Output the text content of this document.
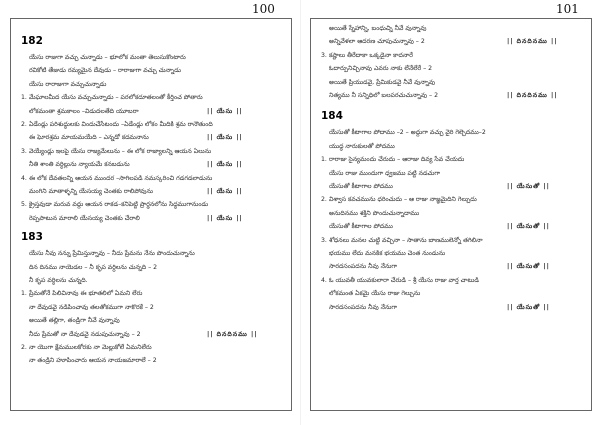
100
182
యేసు రాజుగా వచ్చు చున్నాడు – భూలోక మంతా తెలుసుకొంటారు
రవికోటి తేజుడు రమ్యమైన దేవుడు – రారాజుగా వచ్చు చున్నాడు
యేసు రారాజుగా వచ్చుచున్నాడు
1. మేఘాలమీద యేసు వచ్చుచున్నాడు – పరలోకదూతలంతో కీర్తించ పోతారు
లోకమంతా శ్రమకాలం –విడుదలతేది యూబరా	|| యేసు ||
2. ఏడేండ్లు పరిశుద్ధులకు విందుచేసేటందు –ఏడేండ్లు లోకం మీదికి శ్రమ రానౌతుంది
ఈ ఘోరశ్రమ మాయమయేది – ఎన్నడో కదమనాను	|| యేసు ||
3. వెయ్యేండ్లు ఇలపై యేసు రాజ్యమేలును – ఈ లోక రాజ్యాలన్ని ఆయన ఏలును
నీతి శాంతి వర్ధిల్లును న్యాయమే కనబడును	|| యేసు ||
4. ఈ లోక దేవతలన్ని ఆయన ముందర –సాగిలపడి నమస్కరించి గడగడలాడును
మంగిని మాతాళ్ళన్ని యేసయ్య చెంతకు రాలిపోవును	|| యేసు ||
5. క్రైస్తవుడా మరువ వద్దు ఆయన రాకడ–కనిపెట్టి ప్రార్థనలోను సిద్ధముగానుండు
రెప్పపాటున మారాలి యేసయ్య చెంతకు చేరాలి	|| యేసు ||
183
యేసు నీవు నన్ను ప్రేమిస్తున్నావు – నీదు ప్రేమను నేను పొందుచున్నాను
దిన దినము నాయెడల – నీ కృప వర్ధిలను చున్నది – 2
నీ కృప వర్ధిలను చున్నది.
1. ప్రేమతోనే పిలిచినావు ఈ భూతలిలో ఏమని లేరు
నా దేవుడవై నడిపించావు తలతోకముగా నాకొరకే – 2
అయితే తల్లిగా, తండ్రిగా నీవే వున్నావు
నీదు ప్రేమతో నా దేవుడవై నడుపుచున్నావు – 2	|| దినదినము ||
2. నా యొగా క్షేమములకోరకు నా మెల్లుకోలే ఏమనిలేరు
నా తండ్రిని హూపించారు ఆయన నాయజమారాలే – 2
101
అయితే స్నేహాన్ని, బంధుచ్ని నీవే వున్నావు
అన్నివేళలా ఆదరణ చూపుచున్నావు – 2	|| దినదినము ||
3. కష్టాలు తీరేదాకా ఒక్కడైనా కాదనారే
ఓదార్పునిచ్చినావు ఎవరు నాకు లేనేలేరే – 2
అయితే ప్రియుడవై, ప్రేమికుడవై నీవే వున్నావు
నిత్యము నీ సన్నిధిలో బలపరచుచున్నావు – 2	|| దినదినము ||
184
యేసుతో కీటాగాల పోదాము –2 – అద్దుగా వచ్చు వైరి గెల్చెదము–2
యుద్ధ నారుకులతో పోదము
1. రారాజు సైన్యమందు చేరుదు – ఆరాజు దివ్య సేవ చేయదు
యేసు రాజు ముందుగా ధ్వజము పట్టి నడచుగా
యేసుతో కీటాగాల పోదము	|| యేసుతో ||
2. విశ్వాస కవచమును ధరించుదు – ఆ రాజు నాజ్ఞమైదిని గెల్చుదు
అనుదినము శక్తిని పొందుచున్నాదాము
యేసుతో కీటాగాల పోదము	|| యేసుతో ||
3. శోధనలు మనల చుట్టి వచ్చినా – సాతాను బాణములెన్నో తగిలినా
భయము లేదు మనకిక భయము చెంత నుండును
సారదసంపదను నీవు నేనుగా	|| యేసుతో ||
4. ఓ యువతీ యువకులారా చేరుడి – శ్రీ యేసు రాజు వార్త చాటుడి
లోకమంత ఏకమై యేసు రాజు గెల్చును
సారదసంపదను నీవు నేనుగా	|| యేసుతో ||
